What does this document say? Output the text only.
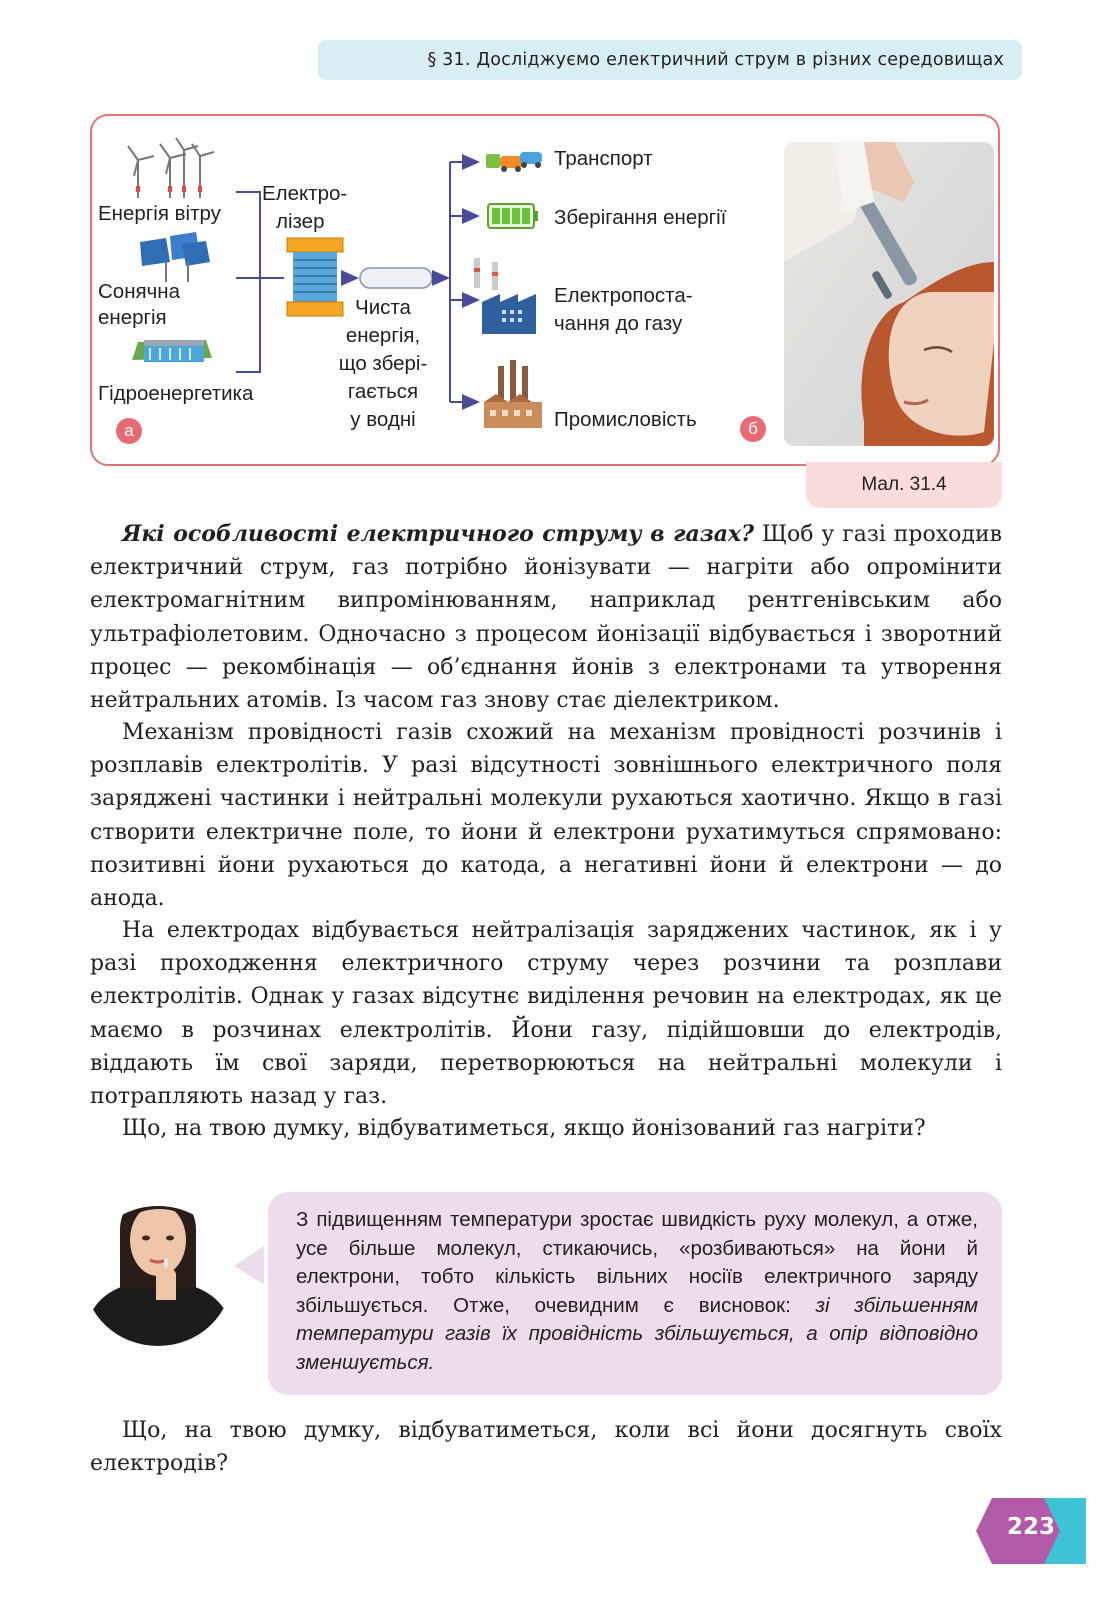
§ 31. Досліджуємо електричний струм в різних середовищах
Енергія вітру
Сонячна
енергія
Гідроенергетика
Електро-
лізер
Чиста
енергія,
що збері-
гається
у водні
Транспорт
Зберігання енергії
Електропоста-
чання до газу
Промисловість
а	б
Мал. 31.4

Які особливості електричного струму в газах? Щоб у газі проходив електричний струм, газ потрібно йонізувати — нагріти або опромінити електромагнітним випромінюванням, наприклад рентгенівським або ультрафіолетовим. Одночасно з процесом йонізації відбувається і зворотний процес — рекомбінація — об’єднання йонів з електронами та утворення нейтральних атомів. Із часом газ знову стає діелектриком.

Механізм провідності газів схожий на механізм провідності розчинів і розплавів електролітів. У разі відсутності зовнішнього електричного поля заряджені частинки і нейтральні молекули рухаються хаотично. Якщо в газі створити електричне поле, то йони й електрони рухатимуться спрямовано: позитивні йони рухаються до катода, а негативні йони й електрони — до анода.

На електродах відбувається нейтралізація заряджених частинок, як і у разі проходження електричного струму через розчини та розплави електролітів. Однак у газах відсутнє виділення речовин на електродах, як це маємо в розчинах електролітів. Йони газу, підійшовши до електродів, віддають їм свої заряди, перетворюються на нейтральні молекули і потрапляють назад у газ.

Що, на твою думку, відбуватиметься, якщо йонізований газ нагріти?

З підвищенням температури зростає швидкість руху молекул, а отже, усе більше молекул, стикаючись, «розбиваються» на йони й електрони, тобто кількість вільних носіїв електричного заряду збільшується. Отже, очевидним є висновок: зі збільшенням температури газів їх провідність збільшується, а опір відповідно зменшується.

Що, на твою думку, відбуватиметься, коли всі йони досягнуть своїх електродів?

223
